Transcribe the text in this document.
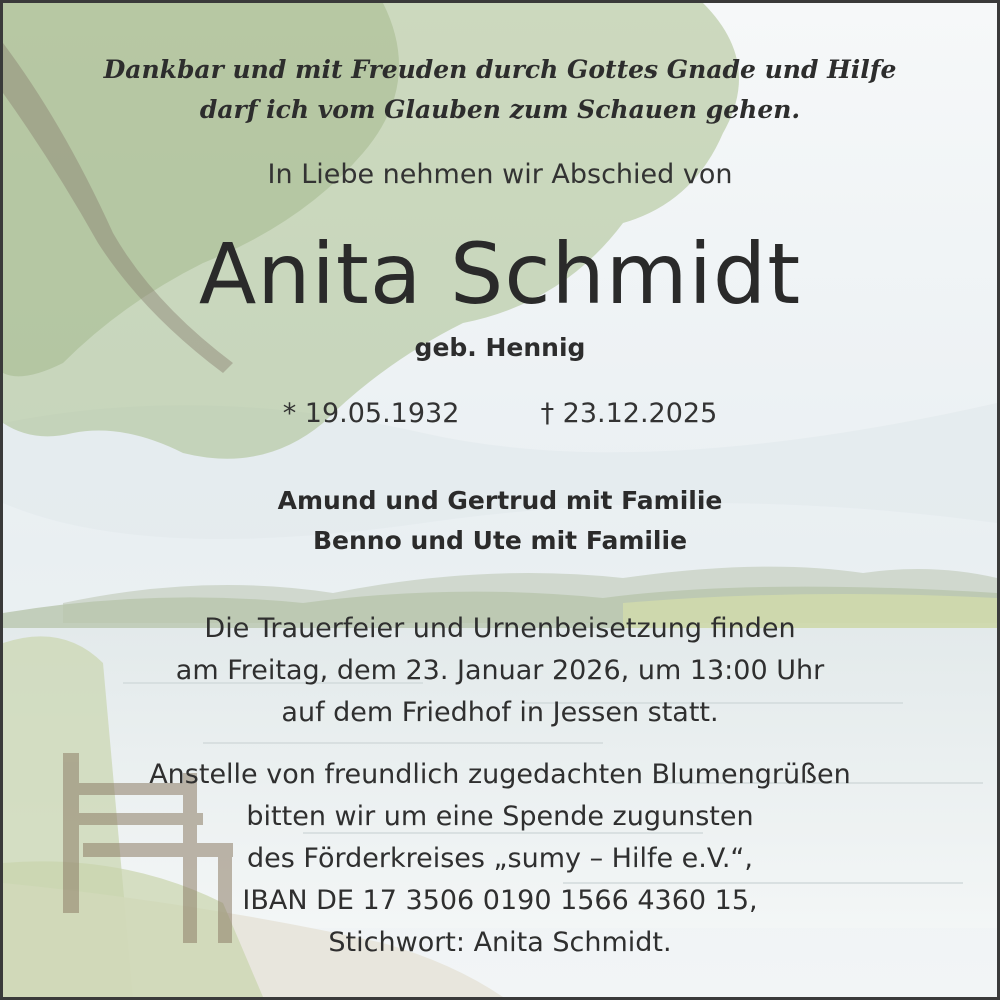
Dankbar und mit Freuden durch Gottes Gnade und Hilfe
darf ich vom Glauben zum Schauen gehen.
In Liebe nehmen wir Abschied von
Anita Schmidt
geb. Hennig
* 19.05.1932	† 23.12.2025
Amund und Gertrud mit Familie
Benno und Ute mit Familie
Die Trauerfeier und Urnenbeisetzung finden
am Freitag, dem 23. Januar 2026, um 13:00 Uhr
auf dem Friedhof in Jessen statt.
Anstelle von freundlich zugedachten Blumengrüßen
bitten wir um eine Spende zugunsten
des Förderkreises „sumy – Hilfe e.V.“,
IBAN DE 17 3506 0190 1566 4360 15,
Stichwort: Anita Schmidt.
